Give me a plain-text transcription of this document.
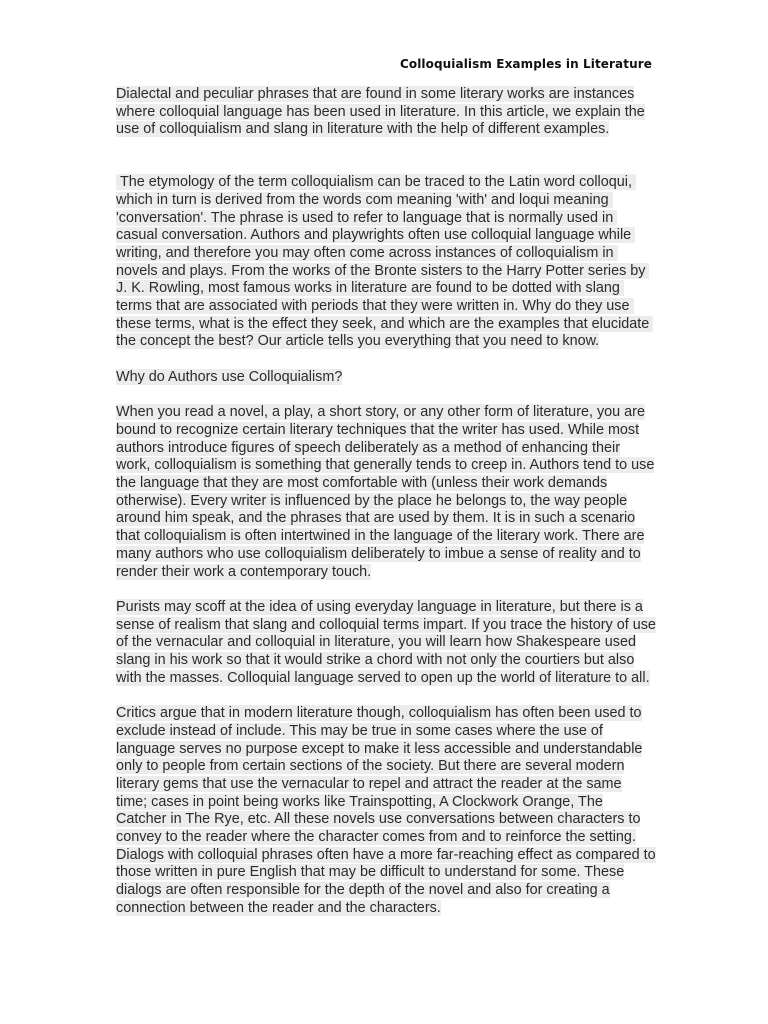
Colloquialism Examples in Literature

Dialectal and peculiar phrases that are found in some literary works are instances where colloquial language has been used in literature. In this article, we explain the use of colloquialism and slang in literature with the help of different examples.

The etymology of the term colloquialism can be traced to the Latin word colloqui, which in turn is derived from the words com meaning 'with' and loqui meaning 'conversation'. The phrase is used to refer to language that is normally used in casual conversation. Authors and playwrights often use colloquial language while writing, and therefore you may often come across instances of colloquialism in novels and plays. From the works of the Bronte sisters to the Harry Potter series by J. K. Rowling, most famous works in literature are found to be dotted with slang terms that are associated with periods that they were written in. Why do they use these terms, what is the effect they seek, and which are the examples that elucidate the concept the best? Our article tells you everything that you need to know.

Why do Authors use Colloquialism?

When you read a novel, a play, a short story, or any other form of literature, you are bound to recognize certain literary techniques that the writer has used. While most authors introduce figures of speech deliberately as a method of enhancing their work, colloquialism is something that generally tends to creep in. Authors tend to use the language that they are most comfortable with (unless their work demands otherwise). Every writer is influenced by the place he belongs to, the way people around him speak, and the phrases that are used by them. It is in such a scenario that colloquialism is often intertwined in the language of the literary work. There are many authors who use colloquialism deliberately to imbue a sense of reality and to render their work a contemporary touch.

Purists may scoff at the idea of using everyday language in literature, but there is a sense of realism that slang and colloquial terms impart. If you trace the history of use of the vernacular and colloquial in literature, you will learn how Shakespeare used slang in his work so that it would strike a chord with not only the courtiers but also with the masses. Colloquial language served to open up the world of literature to all.

Critics argue that in modern literature though, colloquialism has often been used to exclude instead of include. This may be true in some cases where the use of language serves no purpose except to make it less accessible and understandable only to people from certain sections of the society. But there are several modern literary gems that use the vernacular to repel and attract the reader at the same time; cases in point being works like Trainspotting, A Clockwork Orange, The Catcher in The Rye, etc. All these novels use conversations between characters to convey to the reader where the character comes from and to reinforce the setting. Dialogs with colloquial phrases often have a more far-reaching effect as compared to those written in pure English that may be difficult to understand for some. These dialogs are often responsible for the depth of the novel and also for creating a connection between the reader and the characters.
